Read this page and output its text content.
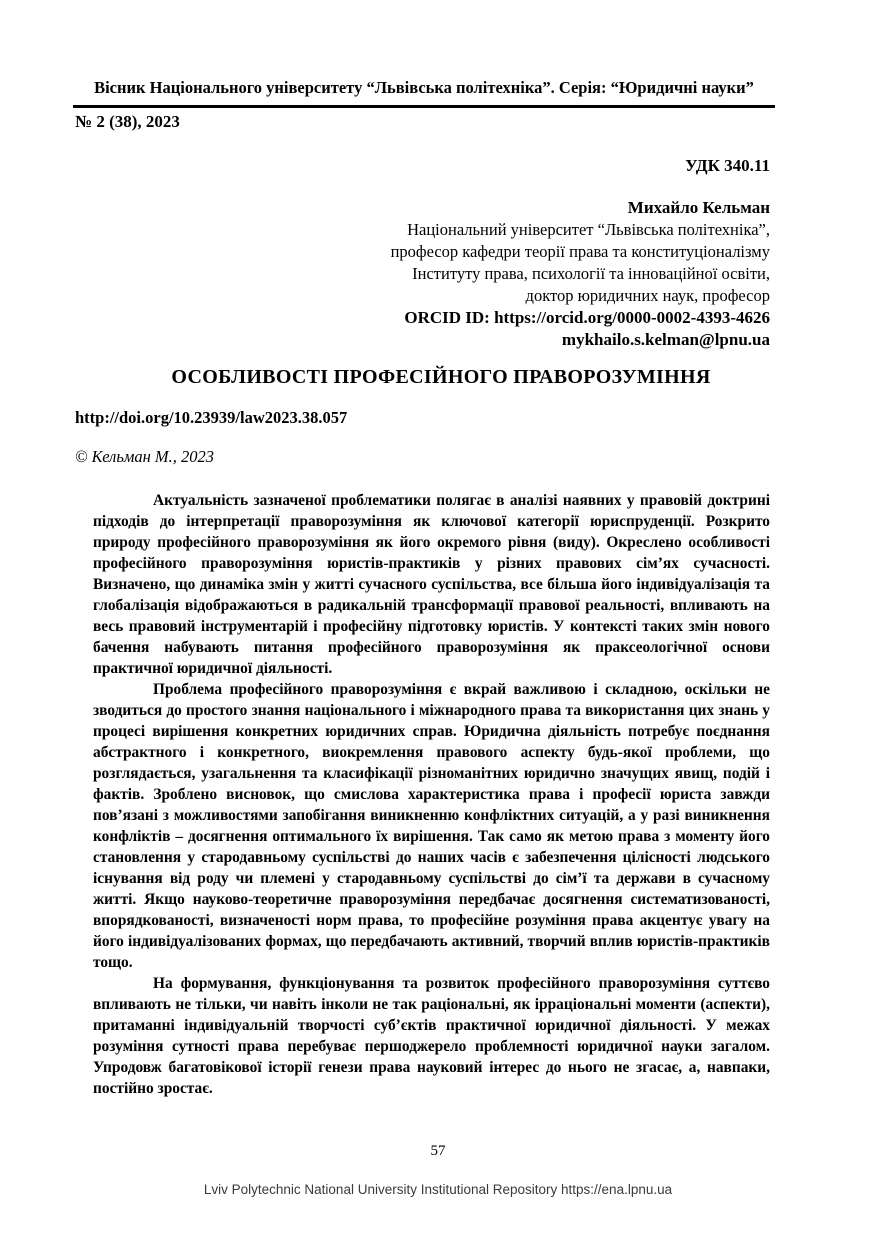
Вісник Національного університету “Львівська політехніка”. Серія: “Юридичні науки”
№ 2 (38), 2023
УДК 340.11
Михайло Кельман
Національний університет “Львівська політехніка”,
професор кафедри теорії права та конституціоналізму
Інституту права, психології та інноваційної освіти,
доктор юридичних наук, професор
ORCID ID: https://orcid.org/0000-0002-4393-4626
mykhailo.s.kelman@lpnu.ua
ОСОБЛИВОСТІ ПРОФЕСІЙНОГО ПРАВОРОЗУМІННЯ
http://doi.org/10.23939/law2023.38.057
© Кельман М., 2023

Актуальність зазначеної проблематики полягає в аналізі наявних у правовій доктрині підходів до інтерпретації праворозуміння як ключової категорії юриспруденції. Розкрито природу професійного праворозуміння як його окремого рівня (виду). Окреслено особливості професійного праворозуміння юристів-практиків у різних правових сім’ях сучасності. Визначено, що динаміка змін у житті сучасного суспільства, все більша його індивідуалізація та глобалізація відображаються в радикальній трансформації правової реальності, впливають на весь правовий інструментарій і професійну підготовку юристів. У контексті таких змін нового бачення набувають питання професійного праворозуміння як праксеологічної основи практичної юридичної діяльності.

Проблема професійного праворозуміння є вкрай важливою і складною, оскільки не зводиться до простого знання національного і міжнародного права та використання цих знань у процесі вирішення конкретних юридичних справ. Юридична діяльність потребує поєднання абстрактного і конкретного, виокремлення правового аспекту будь-якої проблеми, що розглядається, узагальнення та класифікації різноманітних юридично значущих явищ, подій і фактів. Зроблено висновок, що смислова характеристика права і професії юриста завжди пов’язані з можливостями запобігання виникненню конфліктних ситуацій, а у разі виникнення конфліктів – досягнення оптимального їх вирішення. Так само як метою права з моменту його становлення у стародавньому суспільстві до наших часів є забезпечення цілісності людського існування від роду чи племені у стародавньому суспільстві до сім’ї та держави в сучасному житті. Якщо науково-теоретичне праворозуміння передбачає досягнення систематизованості, впорядкованості, визначеності норм права, то професійне розуміння права акцентує увагу на його індивідуалізованих формах, що передбачають активний, творчий вплив юристів-практиків тощо.

На формування, функціонування та розвиток професійного праворозуміння суттєво впливають не тільки, чи навіть інколи не так раціональні, як ірраціональні моменти (аспекти), притаманні індивідуальній творчості суб’єктів практичної юридичної діяльності. У межах розуміння сутності права перебуває першоджерело проблемності юридичної науки загалом. Упродовж багатовікової історії генези права науковий інтерес до нього не згасає, а, навпаки, постійно зростає.

57
Lviv Polytechnic National University Institutional Repository https://ena.lpnu.ua
